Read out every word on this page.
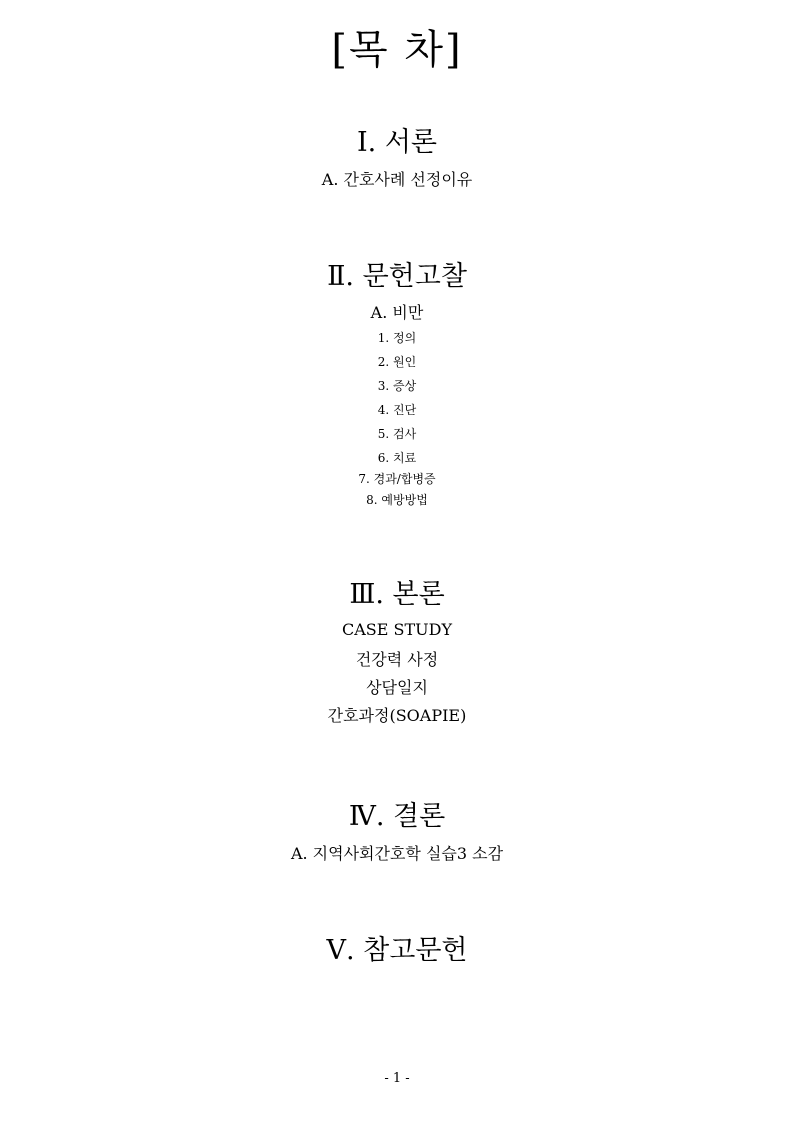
[목 차]
Ⅰ. 서론
A. 간호사례 선정이유
Ⅱ. 문헌고찰
A. 비만
1. 정의
2. 원인
3. 증상
4. 진단
5. 검사
6. 치료
7. 경과/합병증
8. 예방방법
Ⅲ. 본론
CASE STUDY
건강력 사정
상담일지
간호과정(SOAPIE)
Ⅳ. 결론
A. 지역사회간호학 실습3 소감
Ⅴ. 참고문헌
- 1 -
